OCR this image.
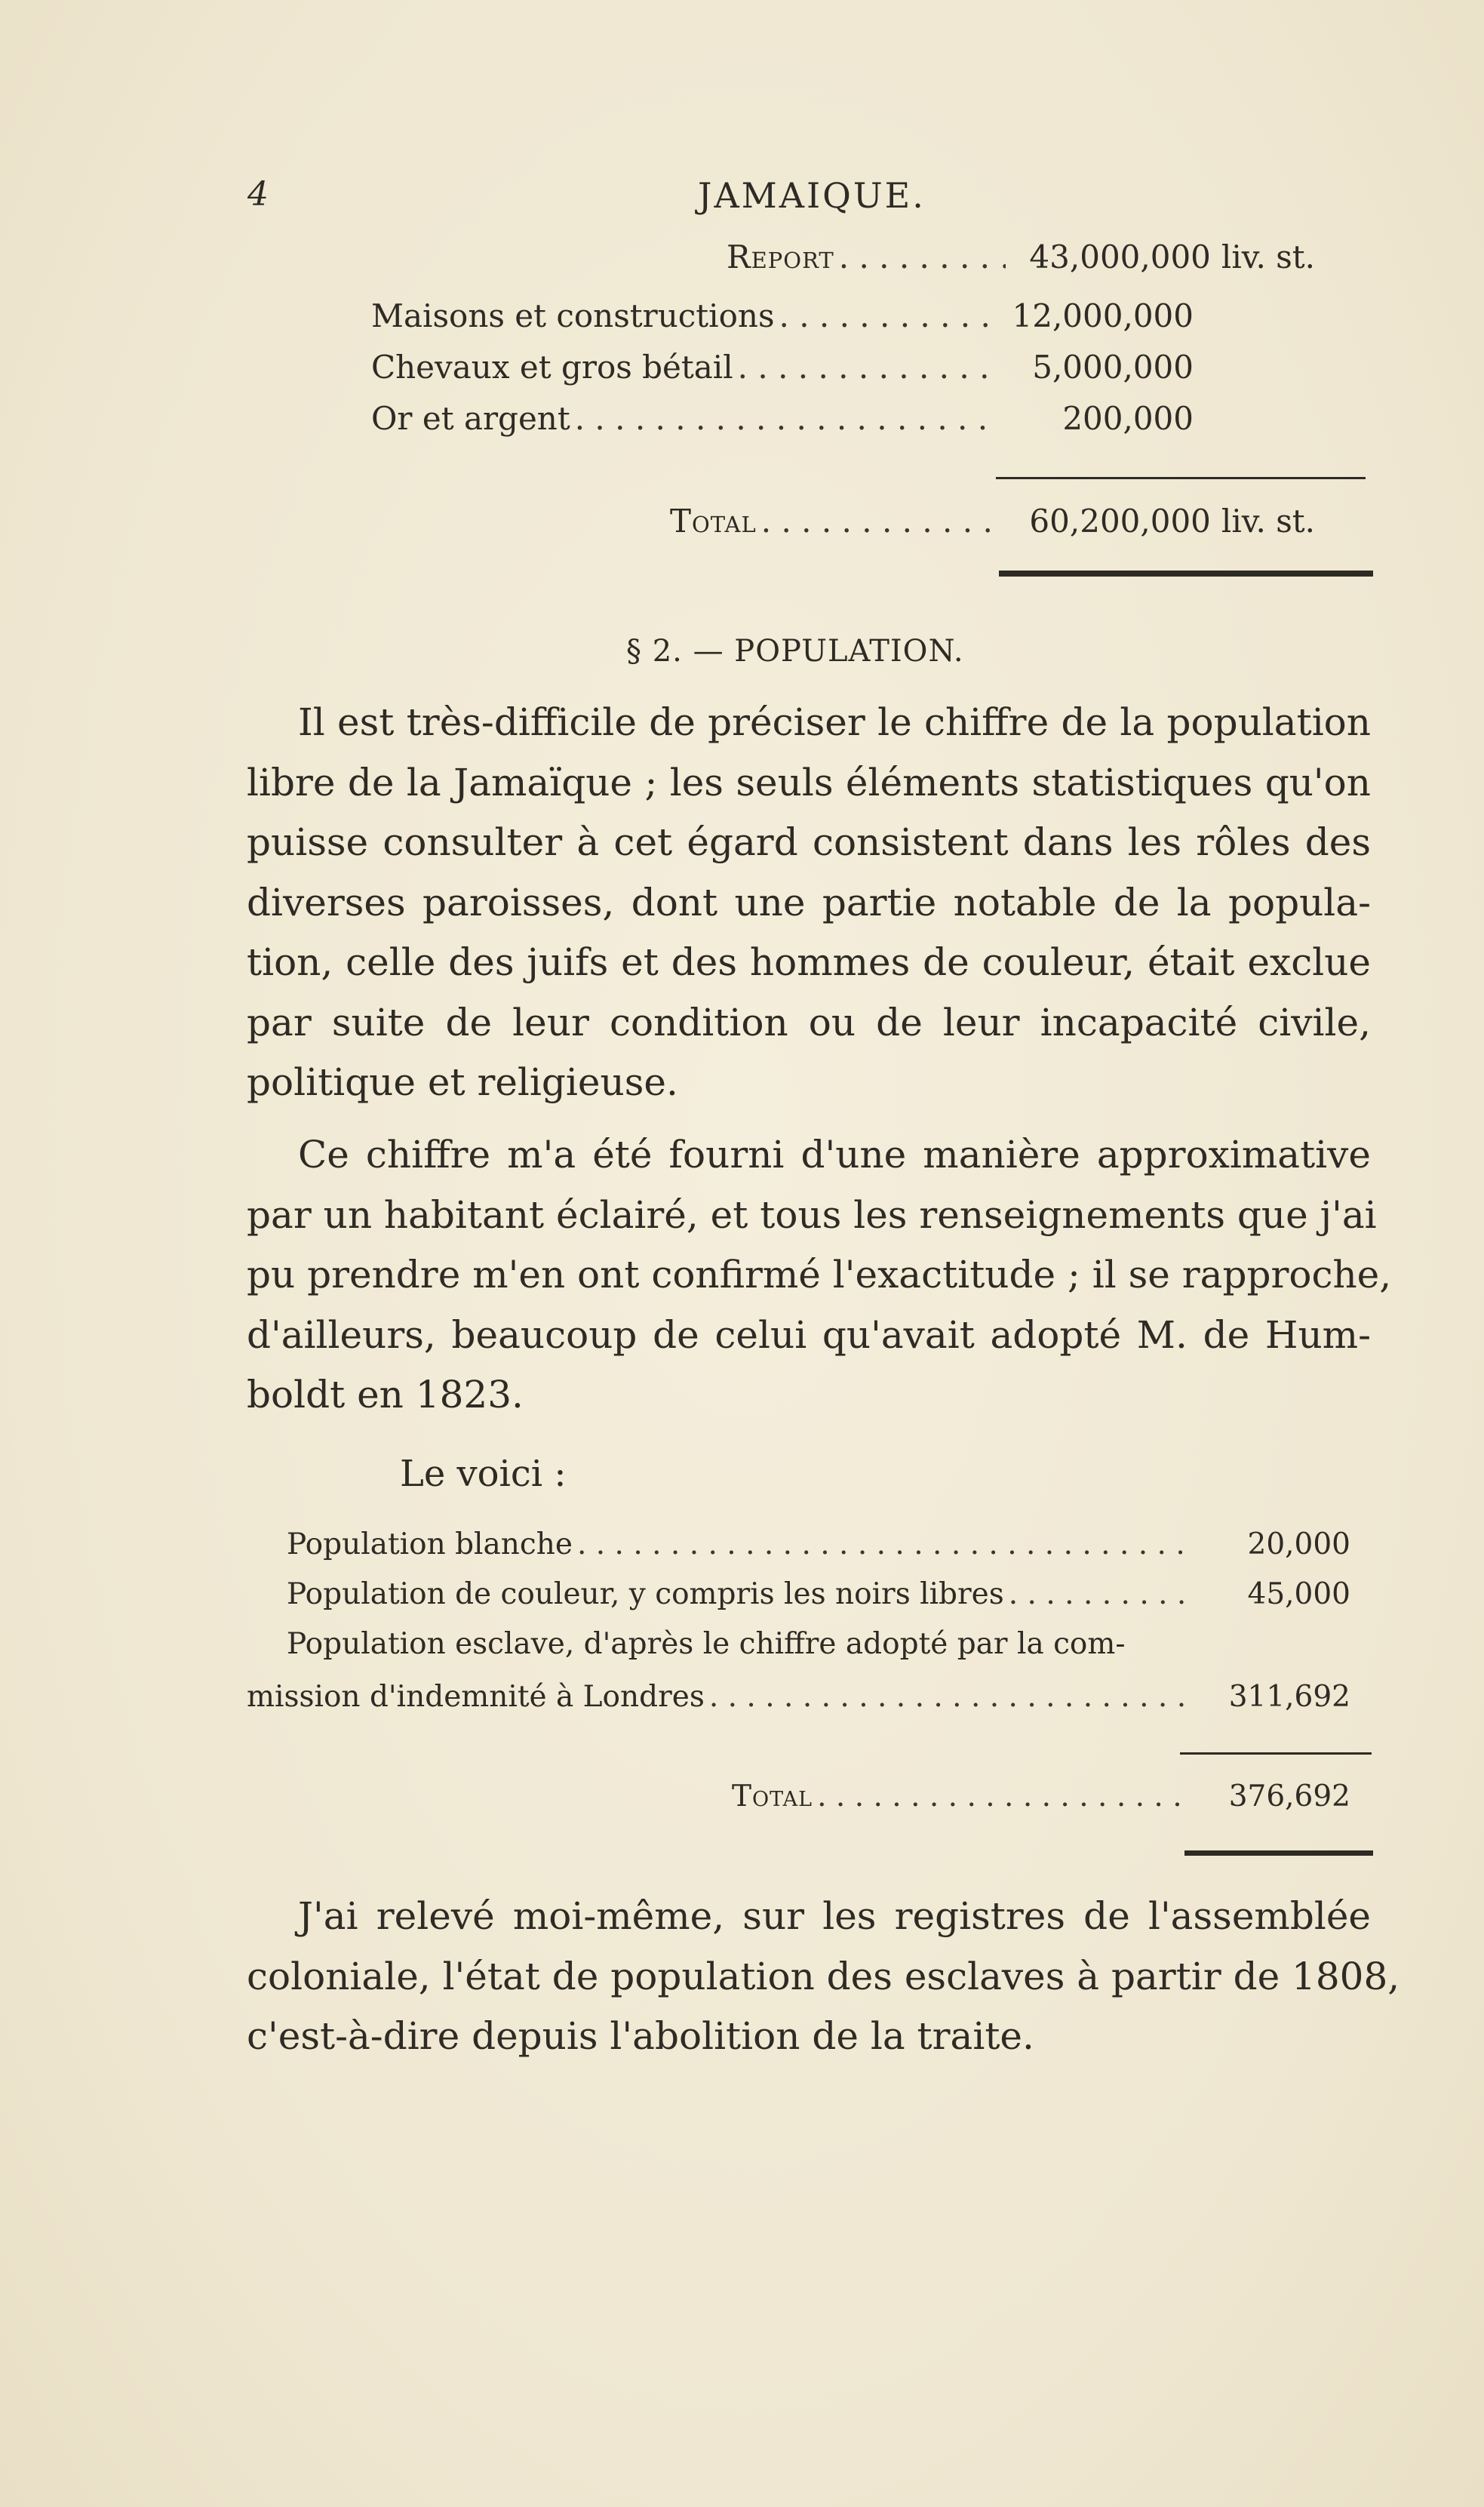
4	JAMAIQUE.
Report . . .	43,000,000 liv. st.
Maisons et constructions . . .	12,000,000
Chevaux et gros bétail . . .	5,000,000
Or et argent . . .	200,000
Total . . .	60,200,000 liv. st.
§ 2. — POPULATION.
Il est très-difficile de préciser le chiffre de la population
libre de la Jamaïque ; les seuls éléments statistiques qu'on
puisse consulter à cet égard consistent dans les rôles des
diverses paroisses, dont une partie notable de la popula-
tion, celle des juifs et des hommes de couleur, était exclue
par suite de leur condition ou de leur incapacité civile,
politique et religieuse.
Ce chiffre m'a été fourni d'une manière approximative
par un habitant éclairé, et tous les renseignements que j'ai
pu prendre m'en ont confirmé l'exactitude ; il se rapproche,
d'ailleurs, beaucoup de celui qu'avait adopté M. de Hum-
boldt en 1823.
Le voici :
Population blanche . . .	20,000
Population de couleur, y compris les noirs libres . . .	45,000
Population esclave, d'après le chiffre adopté par la com-
mission d'indemnité à Londres . . .	311,692
Total . . .	376,692
J'ai relevé moi-même, sur les registres de l'assemblée
coloniale, l'état de population des esclaves à partir de 1808,
c'est-à-dire depuis l'abolition de la traite.
